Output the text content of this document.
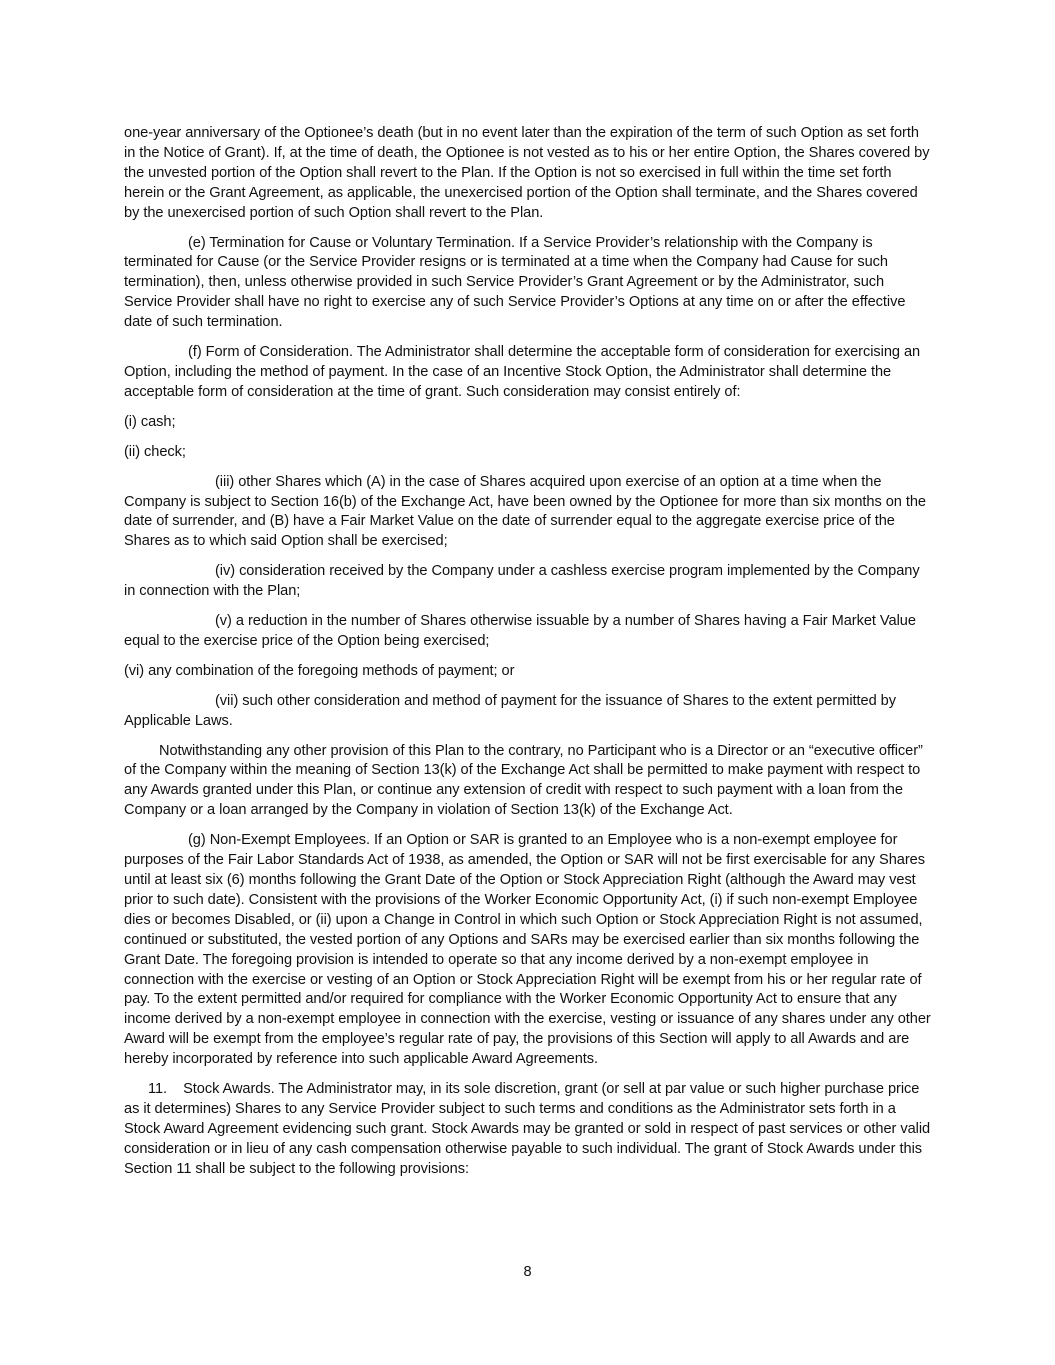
one-year anniversary of the Optionee’s death (but in no event later than the expiration of the term of such Option as set forth in the Notice of Grant). If, at the time of death, the Optionee is not vested as to his or her entire Option, the Shares covered by the unvested portion of the Option shall revert to the Plan. If the Option is not so exercised in full within the time set forth herein or the Grant Agreement, as applicable, the unexercised portion of the Option shall terminate, and the Shares covered by the unexercised portion of such Option shall revert to the Plan.

(e) Termination for Cause or Voluntary Termination. If a Service Provider’s relationship with the Company is terminated for Cause (or the Service Provider resigns or is terminated at a time when the Company had Cause for such termination), then, unless otherwise provided in such Service Provider’s Grant Agreement or by the Administrator, such Service Provider shall have no right to exercise any of such Service Provider’s Options at any time on or after the effective date of such termination.

(f) Form of Consideration. The Administrator shall determine the acceptable form of consideration for exercising an Option, including the method of payment. In the case of an Incentive Stock Option, the Administrator shall determine the acceptable form of consideration at the time of grant. Such consideration may consist entirely of:

(i) cash;

(ii) check;

(iii) other Shares which (A) in the case of Shares acquired upon exercise of an option at a time when the Company is subject to Section 16(b) of the Exchange Act, have been owned by the Optionee for more than six months on the date of surrender, and (B) have a Fair Market Value on the date of surrender equal to the aggregate exercise price of the Shares as to which said Option shall be exercised;

(iv) consideration received by the Company under a cashless exercise program implemented by the Company in connection with the Plan;

(v) a reduction in the number of Shares otherwise issuable by a number of Shares having a Fair Market Value equal to the exercise price of the Option being exercised;

(vi) any combination of the foregoing methods of payment; or

(vii) such other consideration and method of payment for the issuance of Shares to the extent permitted by Applicable Laws.

Notwithstanding any other provision of this Plan to the contrary, no Participant who is a Director or an “executive officer” of the Company within the meaning of Section 13(k) of the Exchange Act shall be permitted to make payment with respect to any Awards granted under this Plan, or continue any extension of credit with respect to such payment with a loan from the Company or a loan arranged by the Company in violation of Section 13(k) of the Exchange Act.

(g) Non-Exempt Employees. If an Option or SAR is granted to an Employee who is a non-exempt employee for purposes of the Fair Labor Standards Act of 1938, as amended, the Option or SAR will not be first exercisable for any Shares until at least six (6) months following the Grant Date of the Option or Stock Appreciation Right (although the Award may vest prior to such date). Consistent with the provisions of the Worker Economic Opportunity Act, (i) if such non-exempt Employee dies or becomes Disabled, or (ii) upon a Change in Control in which such Option or Stock Appreciation Right is not assumed, continued or substituted, the vested portion of any Options and SARs may be exercised earlier than six months following the Grant Date. The foregoing provision is intended to operate so that any income derived by a non-exempt employee in connection with the exercise or vesting of an Option or Stock Appreciation Right will be exempt from his or her regular rate of pay. To the extent permitted and/or required for compliance with the Worker Economic Opportunity Act to ensure that any income derived by a non-exempt employee in connection with the exercise, vesting or issuance of any shares under any other Award will be exempt from the employee’s regular rate of pay, the provisions of this Section will apply to all Awards and are hereby incorporated by reference into such applicable Award Agreements.

11.    Stock Awards. The Administrator may, in its sole discretion, grant (or sell at par value or such higher purchase price as it determines) Shares to any Service Provider subject to such terms and conditions as the Administrator sets forth in a Stock Award Agreement evidencing such grant. Stock Awards may be granted or sold in respect of past services or other valid consideration or in lieu of any cash compensation otherwise payable to such individual. The grant of Stock Awards under this Section 11 shall be subject to the following provisions:

8
